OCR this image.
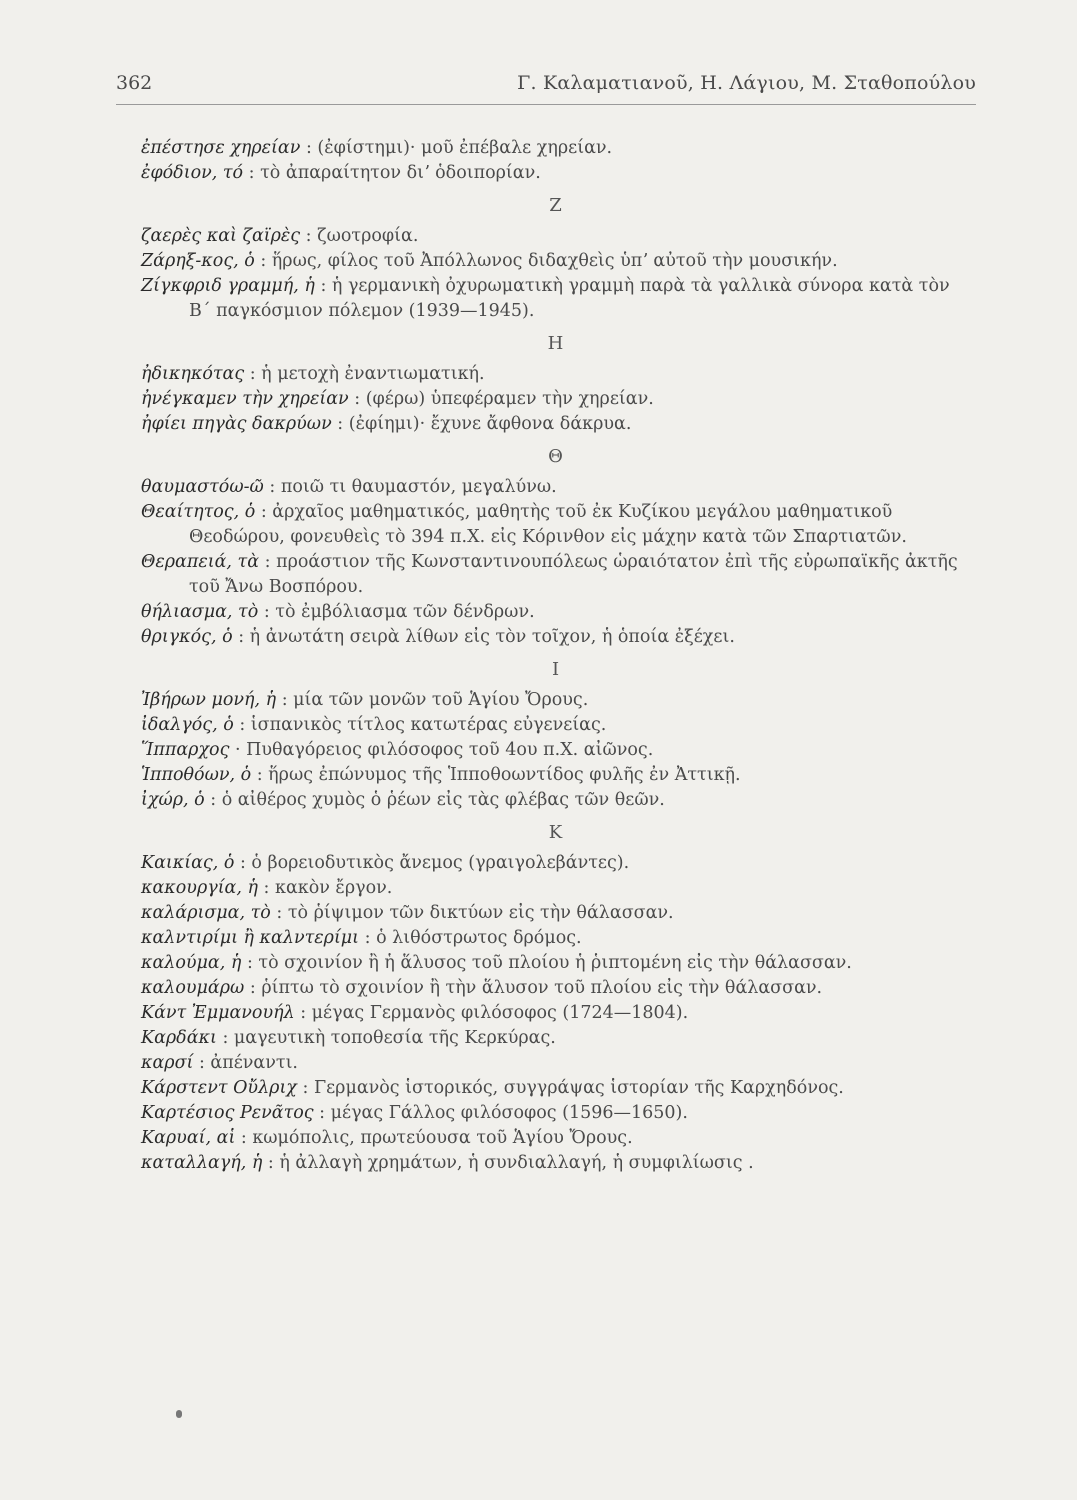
362	Γ. Καλαματιανοῦ, Η. Λάγιου, Μ. Σταθοπούλου

ἐπέστησε χηρείαν : (ἐφίστημι)· μοῦ ἐπέβαλε χηρείαν.

ἐφόδιον, τό : τὸ ἀπαραίτητον διʼ ὁδοιπορίαν.

Ζ

ζαερὲς καὶ ζαϊρὲς : ζωοτροφία.

Ζάρηξ-κος, ὁ : ἥρως, φίλος τοῦ Ἀπόλλωνος διδαχθεὶς ὑπʼ αὐτοῦ τὴν μουσικήν.

Ζίγκφριδ γραμμή, ἡ : ἡ γερμανικὴ ὀχυρωματικὴ γραμμὴ παρὰ τὰ γαλλικὰ σύνορα κατὰ τὸν Β΄ παγκόσμιον πόλεμον (1939—1945).

Η

ἠδικηκότας : ἡ μετοχὴ ἐναντιωματική.

ἠνέγκαμεν τὴν χηρείαν : (φέρω) ὑπεφέραμεν τὴν χηρείαν.

ἠφίει πηγὰς δακρύων : (ἐφίημι)· ἔχυνε ἄφθονα δάκρυα.

Θ

θαυμαστόω-ῶ : ποιῶ τι θαυμαστόν, μεγαλύνω.

Θεαίτητος, ὁ : ἀρχαῖος μαθηματικός, μαθητὴς τοῦ ἐκ Κυζίκου μεγάλου μαθηματικοῦ Θεοδώρου, φονευθεὶς τὸ 394 π.Χ. εἰς Κόρινθον εἰς μάχην κατὰ τῶν Σπαρτιατῶν.

Θεραπειά, τὰ : προάστιον τῆς Κωνσταντινουπόλεως ὡραιότατον ἐπὶ τῆς εὐρωπαϊκῆς ἀκτῆς τοῦ Ἄνω Βοσπόρου.

θήλιασμα, τὸ : τὸ ἐμβόλιασμα τῶν δένδρων.

θριγκός, ὁ : ἡ ἀνωτάτη σειρὰ λίθων εἰς τὸν τοῖχον, ἡ ὁποία ἐξέχει.

Ι

Ἰβήρων μονή, ἡ : μία τῶν μονῶν τοῦ Ἁγίου Ὄρους.

ἰδαλγός, ὁ : ἱσπανικὸς τίτλος κατωτέρας εὐγενείας.

Ἵππαρχος · Πυθαγόρειος φιλόσοφος τοῦ 4ου π.Χ. αἰῶνος.

Ἱπποθόων, ὁ : ἥρως ἐπώνυμος τῆς Ἱπποθοωντίδος φυλῆς ἐν Ἀττικῇ.

ἰχώρ, ὁ : ὁ αἰθέρος χυμὸς ὁ ῥέων εἰς τὰς φλέβας τῶν θεῶν.

Κ

Καικίας, ὁ : ὁ βορειοδυτικὸς ἄνεμος (γραιγολεβάντες).

κακουργία, ἡ : κακὸν ἔργον.

καλάρισμα, τὸ : τὸ ῥίψιμον τῶν δικτύων εἰς τὴν θάλασσαν.

καλντιρίμι ἢ καλντερίμι : ὁ λιθόστρωτος δρόμος.

καλούμα, ἡ : τὸ σχοινίον ἢ ἡ ἅλυσος τοῦ πλοίου ἡ ῥιπτομένη εἰς τὴν θάλασσαν.

καλουμάρω : ῥίπτω τὸ σχοινίον ἢ τὴν ἅλυσον τοῦ πλοίου εἰς τὴν θάλασσαν.

Κάντ Ἐμμανουήλ : μέγας Γερμανὸς φιλόσοφος (1724—1804).

Καρδάκι : μαγευτικὴ τοποθεσία τῆς Κερκύρας.

καρσί : ἀπέναντι.

Κάρστεντ Οὔλριχ : Γερμανὸς ἱστορικός, συγγράψας ἱστορίαν τῆς Καρχηδόνος.

Καρτέσιος Ρενᾶτος : μέγας Γάλλος φιλόσοφος (1596—1650).

Καρυαί, αἱ : κωμόπολις, πρωτεύουσα τοῦ Ἁγίου Ὄρους.

καταλλαγή, ἡ : ἡ ἀλλαγὴ χρημάτων, ἡ συνδιαλλαγή, ἡ συμφιλίωσις .
